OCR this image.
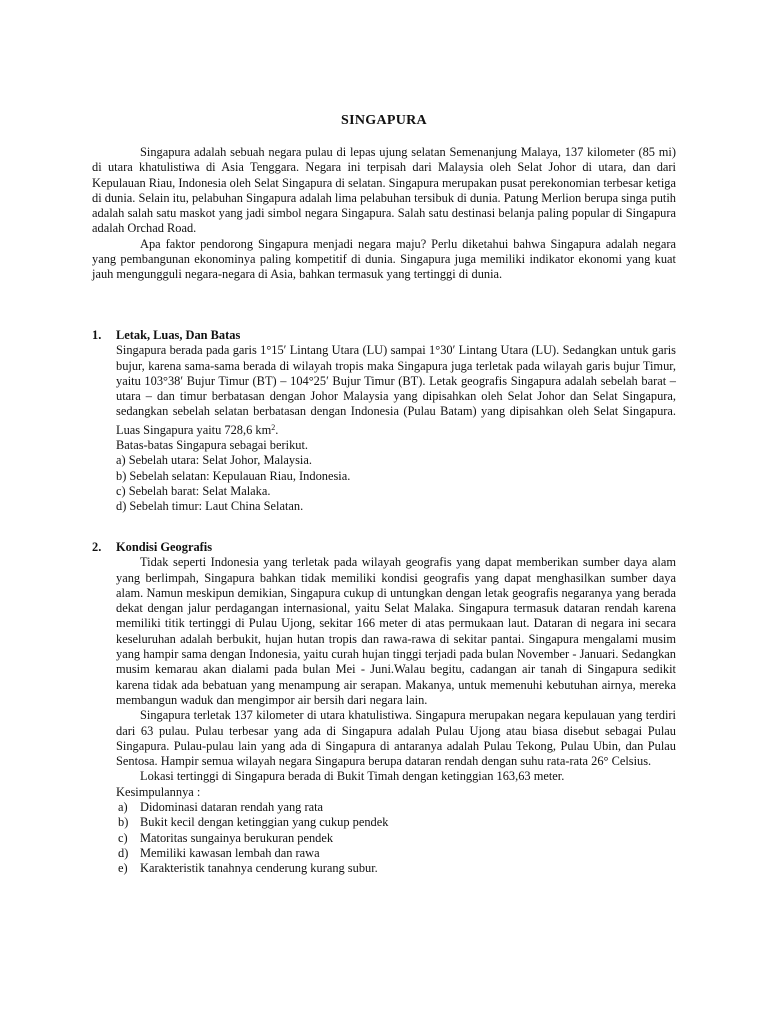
SINGAPURA

Singapura adalah sebuah negara pulau di lepas ujung selatan Semenanjung Malaya, 137 kilometer (85 mi) di utara khatulistiwa di Asia Tenggara. Negara ini terpisah dari Malaysia oleh Selat Johor di utara, dan dari Kepulauan Riau, Indonesia oleh Selat Singapura di selatan. Singapura merupakan pusat perekonomian terbesar ketiga di dunia. Selain itu, pelabuhan Singapura adalah lima pelabuhan tersibuk di dunia. Patung Merlion berupa singa putih adalah salah satu maskot yang jadi simbol negara Singapura. Salah satu destinasi belanja paling popular di Singapura adalah Orchad Road.

Apa faktor pendorong Singapura menjadi negara maju? Perlu diketahui bahwa Singapura adalah negara yang pembangunan ekonominya paling kompetitif di dunia. Singapura juga memiliki indikator ekonomi yang kuat jauh mengungguli negara-negara di Asia, bahkan termasuk yang tertinggi di dunia.

1.	Letak, Luas, Dan Batas

Singapura berada pada garis 1°15′ Lintang Utara (LU) sampai 1°30′ Lintang Utara (LU). Sedangkan untuk garis bujur, karena sama-sama berada di wilayah tropis maka Singapura juga terletak pada wilayah garis bujur Timur, yaitu 103°38′ Bujur Timur (BT) – 104°25′ Bujur Timur (BT). Letak geografis Singapura adalah sebelah barat – utara – dan timur berbatasan dengan Johor Malaysia yang dipisahkan oleh Selat Johor dan Selat Singapura, sedangkan sebelah selatan berbatasan dengan Indonesia (Pulau Batam) yang dipisahkan oleh Selat Singapura. Luas Singapura yaitu 728,6 $km^2$.

Batas-batas Singapura sebagai berikut.
a) Sebelah utara: Selat Johor, Malaysia.
b) Sebelah selatan: Kepulauan Riau, Indonesia.
c) Sebelah barat: Selat Malaka.
d) Sebelah timur: Laut China Selatan.
2.	Kondisi Geografis

Tidak seperti Indonesia yang terletak pada wilayah geografis yang dapat memberikan sumber daya alam yang berlimpah, Singapura bahkan tidak memiliki kondisi geografis yang dapat menghasilkan sumber daya alam. Namun meskipun demikian, Singapura cukup di untungkan dengan letak geografis negaranya yang berada dekat dengan jalur perdagangan internasional, yaitu Selat Malaka. Singapura termasuk dataran rendah karena memiliki titik tertinggi di Pulau Ujong, sekitar 166 meter di atas permukaan laut. Dataran di negara ini secara keseluruhan adalah berbukit, hujan hutan tropis dan rawa-rawa di sekitar pantai. Singapura mengalami musim yang hampir sama dengan Indonesia, yaitu curah hujan tinggi terjadi pada bulan November - Januari. Sedangkan musim kemarau akan dialami pada bulan Mei - Juni.Walau begitu, cadangan air tanah di Singapura sedikit karena tidak ada bebatuan yang menampung air serapan. Makanya, untuk memenuhi kebutuhan airnya, mereka membangun waduk dan mengimpor air bersih dari negara lain.

Singapura terletak 137 kilometer di utara khatulistiwa. Singapura merupakan negara kepulauan yang terdiri dari 63 pulau. Pulau terbesar yang ada di Singapura adalah Pulau Ujong atau biasa disebut sebagai Pulau Singapura. Pulau-pulau lain yang ada di Singapura di antaranya adalah Pulau Tekong, Pulau Ubin, dan Pulau Sentosa. Hampir semua wilayah negara Singapura berupa dataran rendah dengan suhu rata-rata 26° Celsius.

Lokasi tertinggi di Singapura berada di Bukit Timah dengan ketinggian 163,63 meter.

Kesimpulannya :
a) Didominasi dataran rendah yang rata
b) Bukit kecil dengan ketinggian yang cukup pendek
c) Matoritas sungainya berukuran pendek
d) Memiliki kawasan lembah dan rawa
e) Karakteristik tanahnya cenderung kurang subur.
